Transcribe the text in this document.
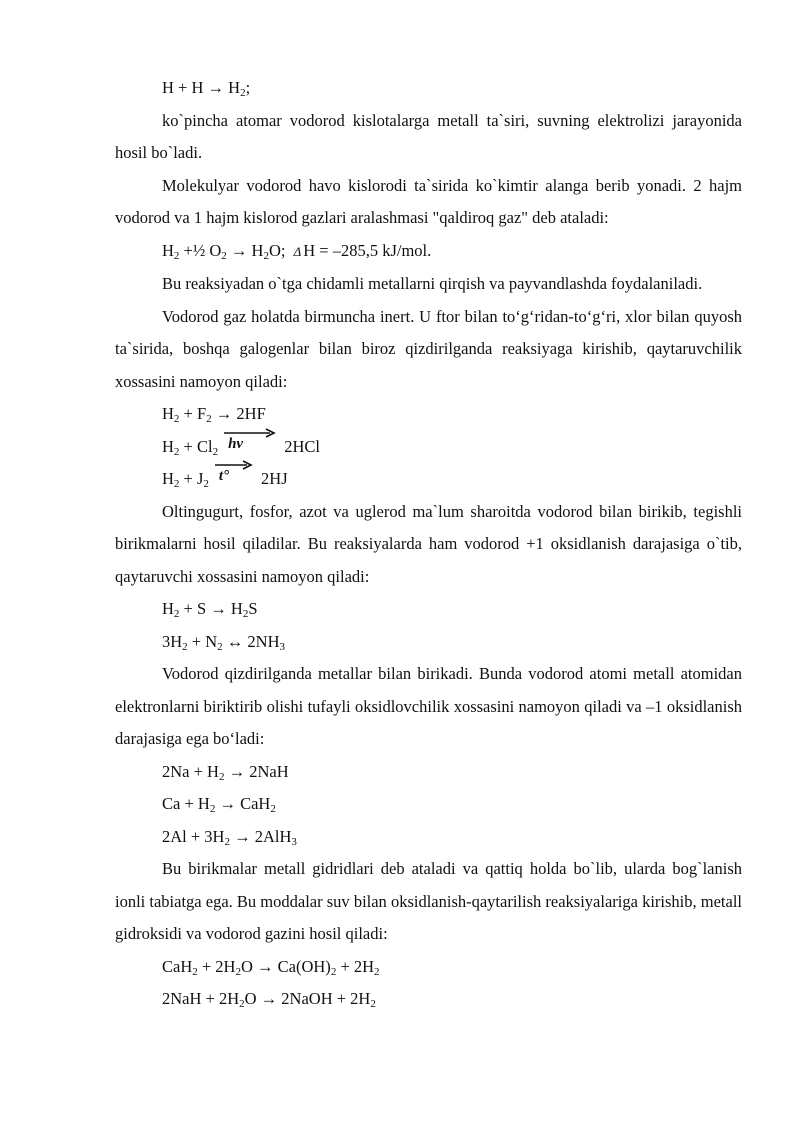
$H + H \to H_2$;
ko`pincha atomar vodorod kislotalarga metall ta`siri, suvning elektrolizi jarayonida hosil bo`ladi.
Molekulyar vodorod havo kislorodi ta`sirida ko`kimtir alanga berib yonadi. 2 hajm vodorod va 1 hajm kislorod gazlari aralashmasi "qaldiroq gaz" deb ataladi:
$H_2$ +½ $O_2 \to H_2O$; Δ H = –285,5 kJ/mol.
Bu reaksiyadan o`tga chidamli metallarni qirqish va payvandlashda foydalaniladi.
Vodorod gaz holatda birmuncha inert. U ftor bilan to‘g‘ridan-to‘g‘ri, xlor bilan quyosh ta`sirida, boshqa galogenlar bilan biroz qizdirilganda reaksiyaga kirishib, qaytaruvchilik xossasini namoyon qiladi:
$H_2 + F_2 \to 2HF$
$H_2 + Cl_2$ hν 2HCl
$H_2 + J_2$ t° 2HJ
Oltingugurt, fosfor, azot va uglerod ma`lum sharoitda vodorod bilan birikib, tegishli birikmalarni hosil qiladilar. Bu reaksiyalarda ham vodorod +1 oksidlanish darajasiga o`tib, qaytaruvchi xossasini namoyon qiladi:
$H_2 + S \to H_2S$
$3H_2 + N_2$ ↔ $2NH_3$
Vodorod qizdirilganda metallar bilan birikadi. Bunda vodorod atomi metall atomidan elektronlarni biriktirib olishi tufayli oksidlovchilik xossasini namoyon qiladi va –1 oksidlanish darajasiga ega bo‘ladi:
$2Na + H_2 \to 2NaH$
$Ca + H_2 \to CaH_2$
$2Al + 3H_2 \to 2AlH_3$
Bu birikmalar metall gidridlari deb ataladi va qattiq holda bo`lib, ularda bog`lanish ionli tabiatga ega. Bu moddalar suv bilan oksidlanish-qaytarilish reaksiyalariga kirishib, metall gidroksidi va vodorod gazini hosil qiladi:
$CaH_2 + 2H_2O \to Ca(OH)_2 + 2H_2$
$2NaH + 2H_2O$ → 2NaOH + $2H_2$
